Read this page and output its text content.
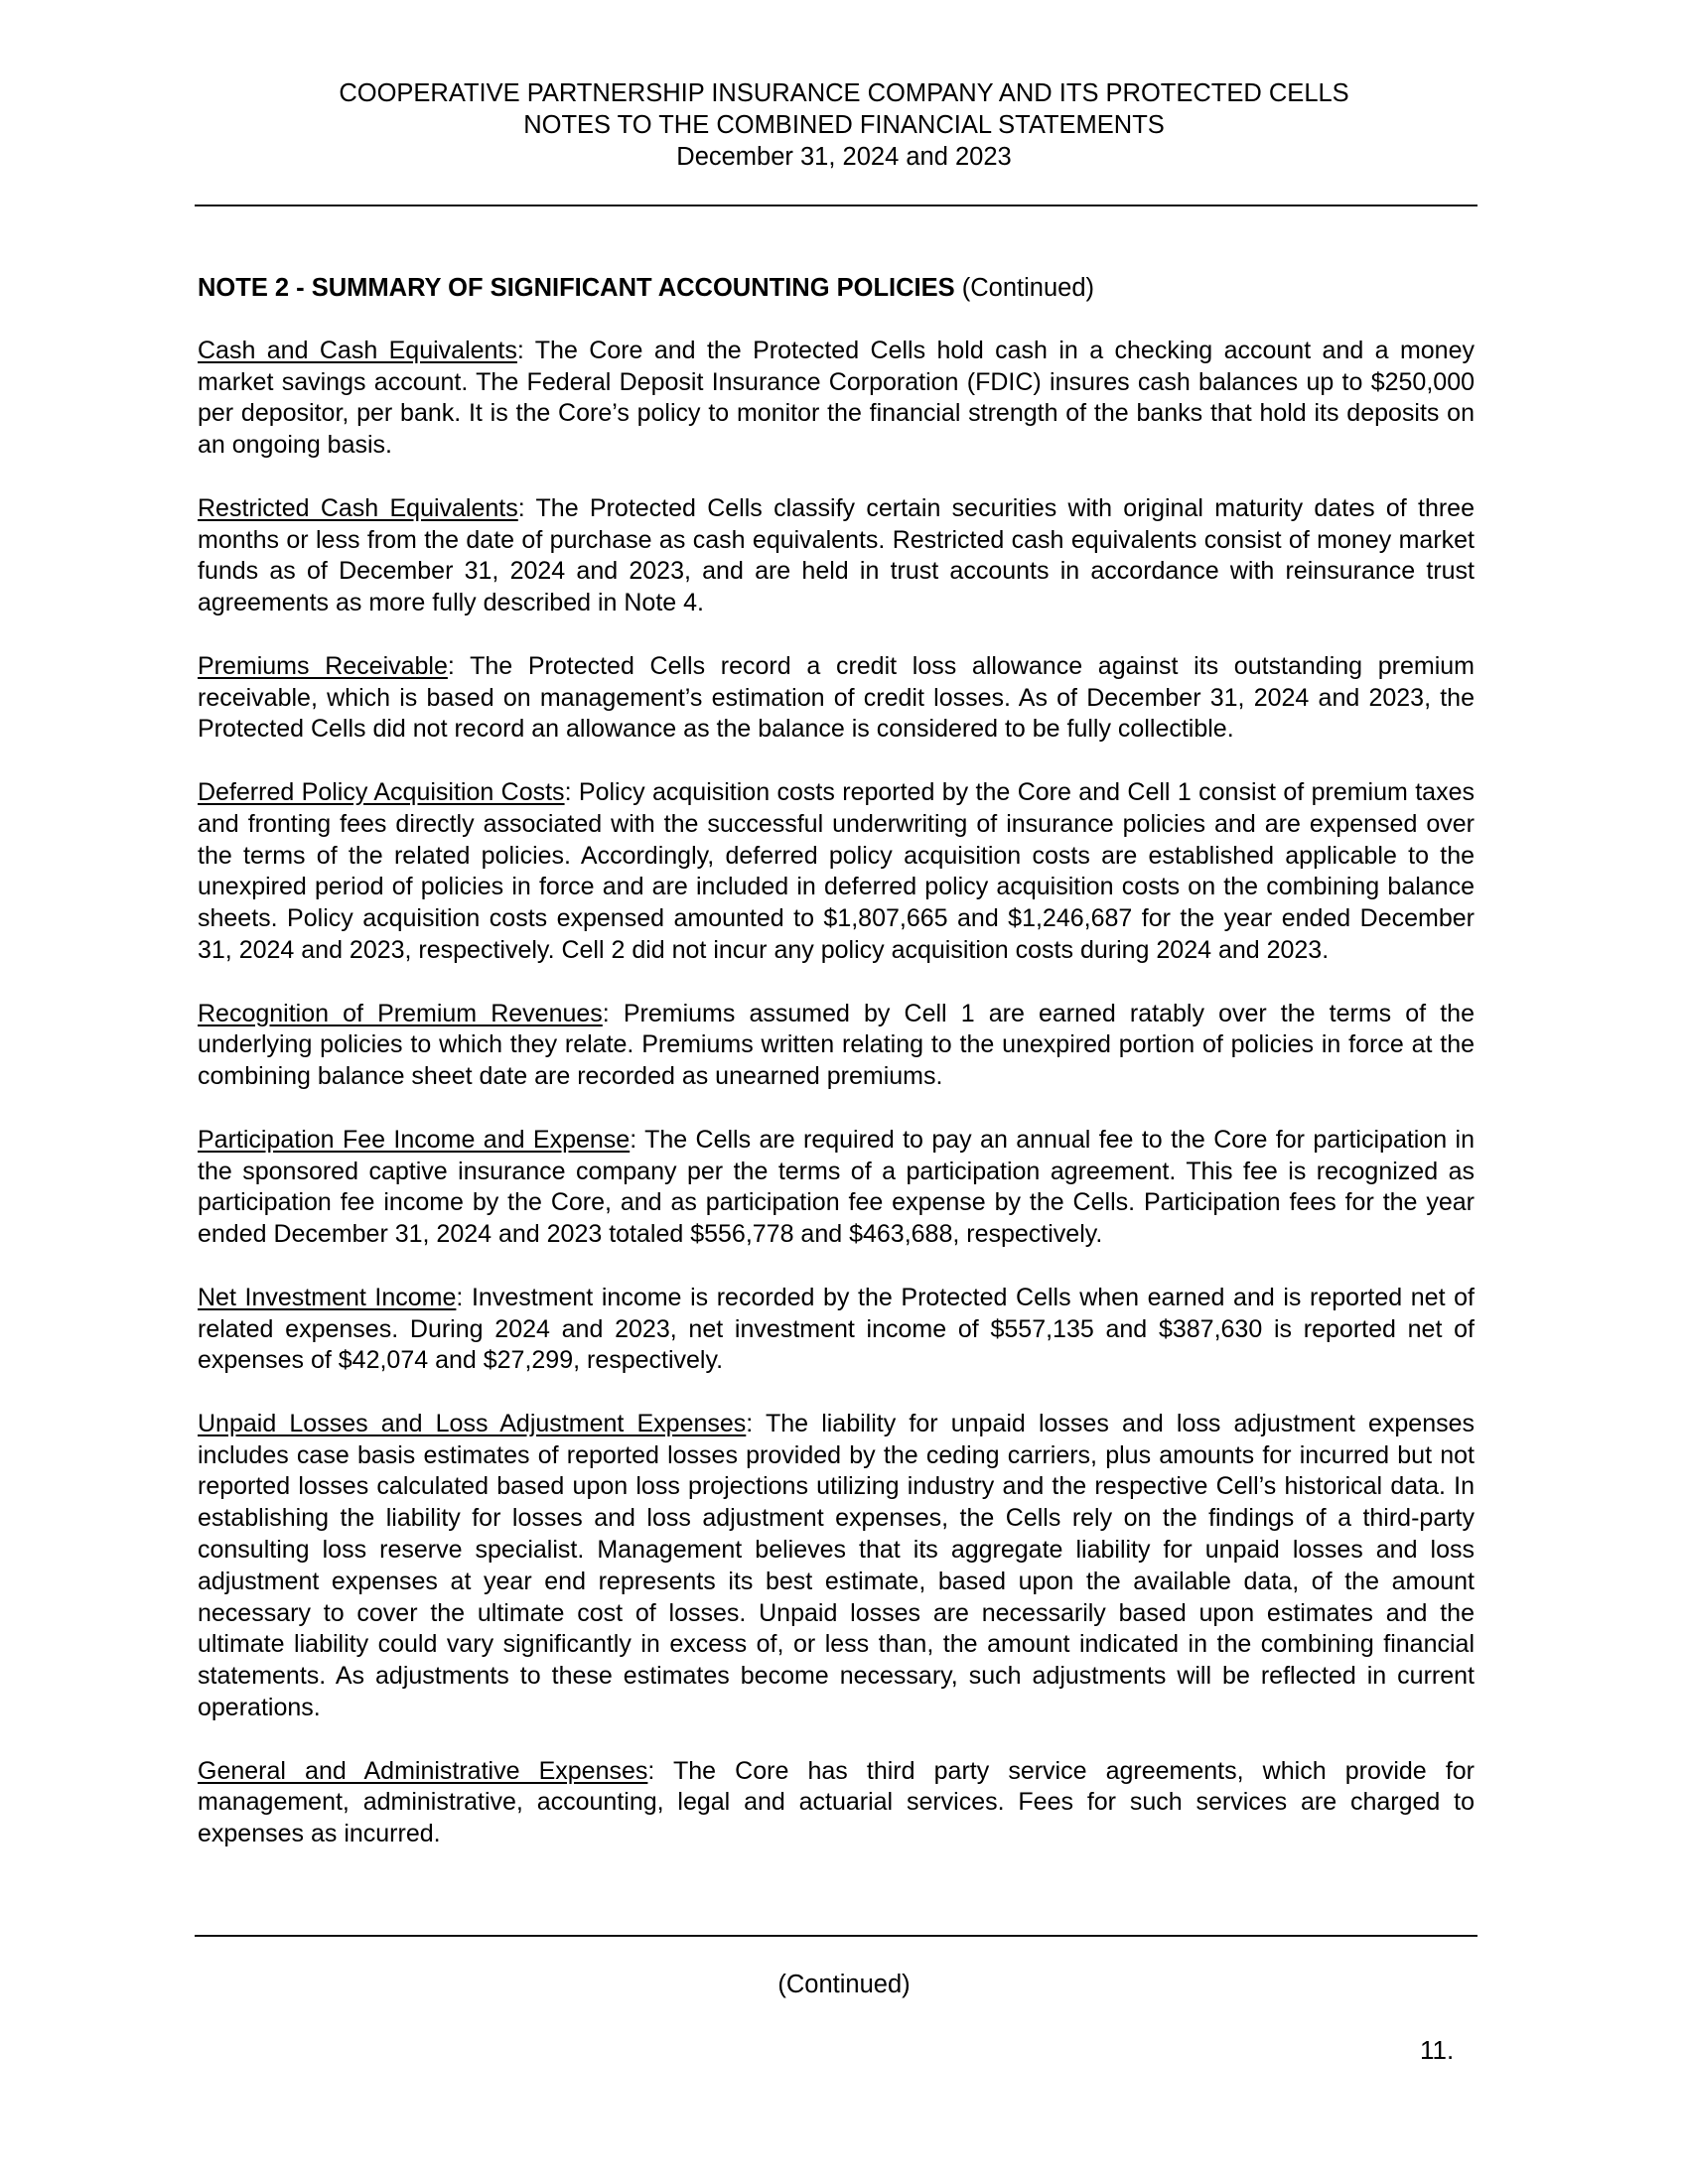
COOPERATIVE PARTNERSHIP INSURANCE COMPANY AND ITS PROTECTED CELLS
NOTES TO THE COMBINED FINANCIAL STATEMENTS
December 31, 2024 and 2023
NOTE 2 - SUMMARY OF SIGNIFICANT ACCOUNTING POLICIES (Continued)

Cash and Cash Equivalents: The Core and the Protected Cells hold cash in a checking account and a money market savings account. The Federal Deposit Insurance Corporation (FDIC) insures cash balances up to $250,000 per depositor, per bank. It is the Core’s policy to monitor the financial strength of the banks that hold its deposits on an ongoing basis.

Restricted Cash Equivalents: The Protected Cells classify certain securities with original maturity dates of three months or less from the date of purchase as cash equivalents. Restricted cash equivalents consist of money market funds as of December 31, 2024 and 2023, and are held in trust accounts in accordance with reinsurance trust agreements as more fully described in Note 4.

Premiums Receivable: The Protected Cells record a credit loss allowance against its outstanding premium receivable, which is based on management’s estimation of credit losses. As of December 31, 2024 and 2023, the Protected Cells did not record an allowance as the balance is considered to be fully collectible.

Deferred Policy Acquisition Costs: Policy acquisition costs reported by the Core and Cell 1 consist of premium taxes and fronting fees directly associated with the successful underwriting of insurance policies and are expensed over the terms of the related policies. Accordingly, deferred policy acquisition costs are established applicable to the unexpired period of policies in force and are included in deferred policy acquisition costs on the combining balance sheets. Policy acquisition costs expensed amounted to $1,807,665 and $1,246,687 for the year ended December 31, 2024 and 2023, respectively. Cell 2 did not incur any policy acquisition costs during 2024 and 2023.

Recognition of Premium Revenues: Premiums assumed by Cell 1 are earned ratably over the terms of the underlying policies to which they relate. Premiums written relating to the unexpired portion of policies in force at the combining balance sheet date are recorded as unearned premiums.

Participation Fee Income and Expense: The Cells are required to pay an annual fee to the Core for participation in the sponsored captive insurance company per the terms of a participation agreement. This fee is recognized as participation fee income by the Core, and as participation fee expense by the Cells. Participation fees for the year ended December 31, 2024 and 2023 totaled $556,778 and $463,688, respectively.

Net Investment Income: Investment income is recorded by the Protected Cells when earned and is reported net of related expenses. During 2024 and 2023, net investment income of $557,135 and $387,630 is reported net of expenses of $42,074 and $27,299, respectively.

Unpaid Losses and Loss Adjustment Expenses: The liability for unpaid losses and loss adjustment expenses includes case basis estimates of reported losses provided by the ceding carriers, plus amounts for incurred but not reported losses calculated based upon loss projections utilizing industry and the respective Cell’s historical data. In establishing the liability for losses and loss adjustment expenses, the Cells rely on the findings of a third-party consulting loss reserve specialist. Management believes that its aggregate liability for unpaid losses and loss adjustment expenses at year end represents its best estimate, based upon the available data, of the amount necessary to cover the ultimate cost of losses. Unpaid losses are necessarily based upon estimates and the ultimate liability could vary significantly in excess of, or less than, the amount indicated in the combining financial statements. As adjustments to these estimates become necessary, such adjustments will be reflected in current operations.

General and Administrative Expenses: The Core has third party service agreements, which provide for management, administrative, accounting, legal and actuarial services. Fees for such services are charged to expenses as incurred.

(Continued)
11.
